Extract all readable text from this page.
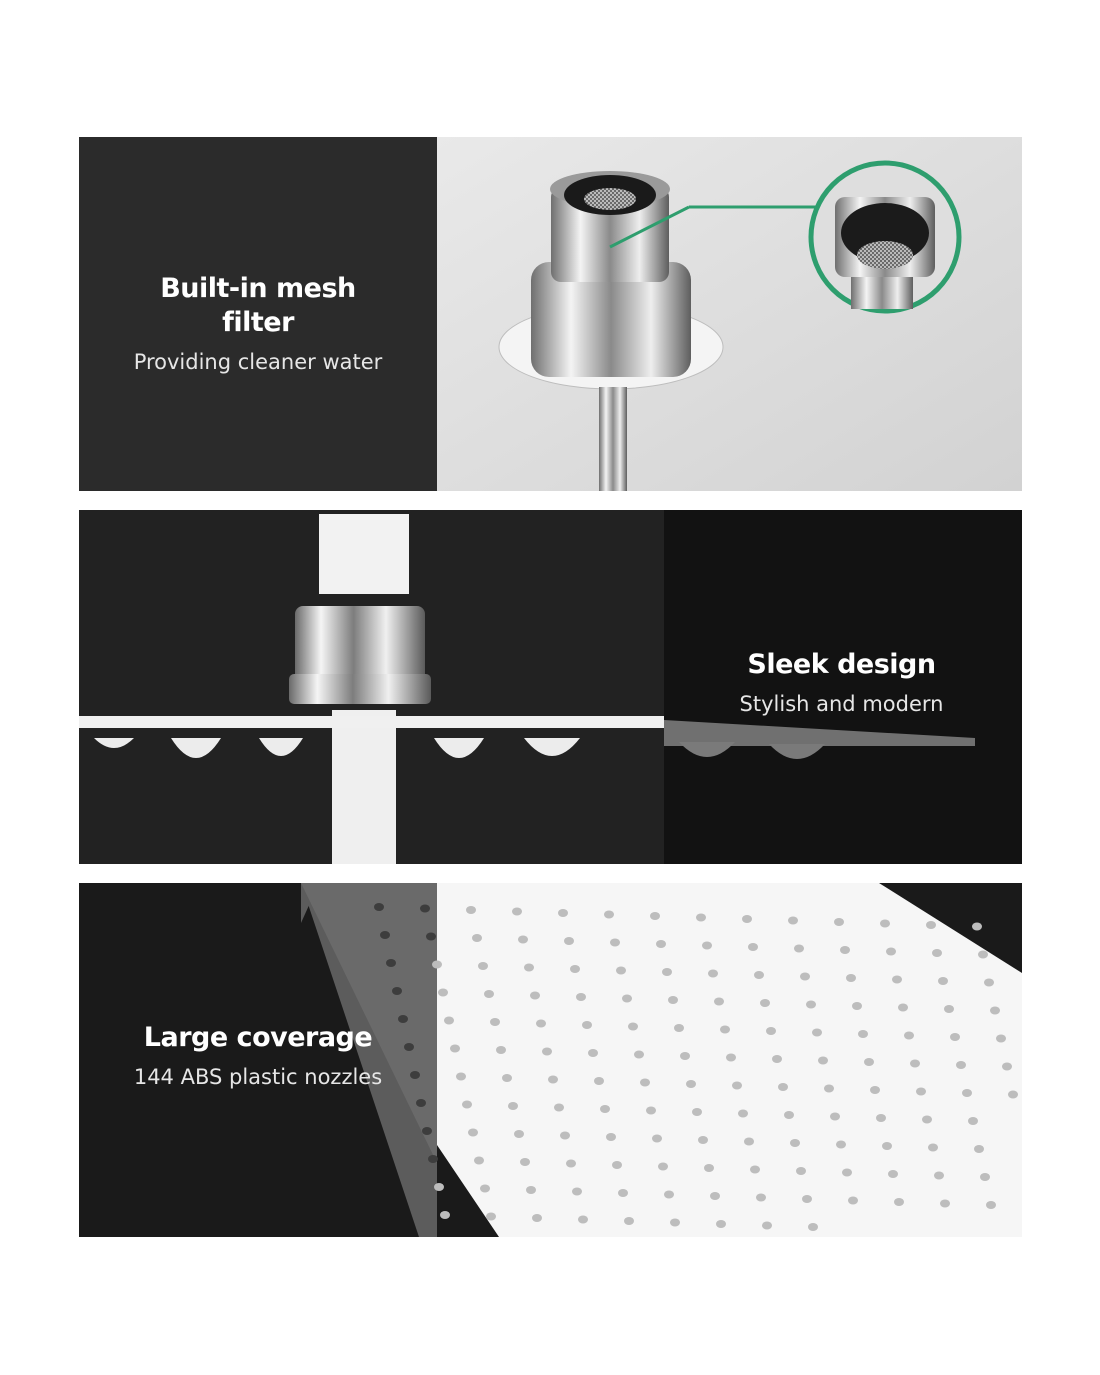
Built-in mesh filter
Providing cleaner water
Sleek design
Stylish and modern
Large coverage
144 ABS plastic nozzles
